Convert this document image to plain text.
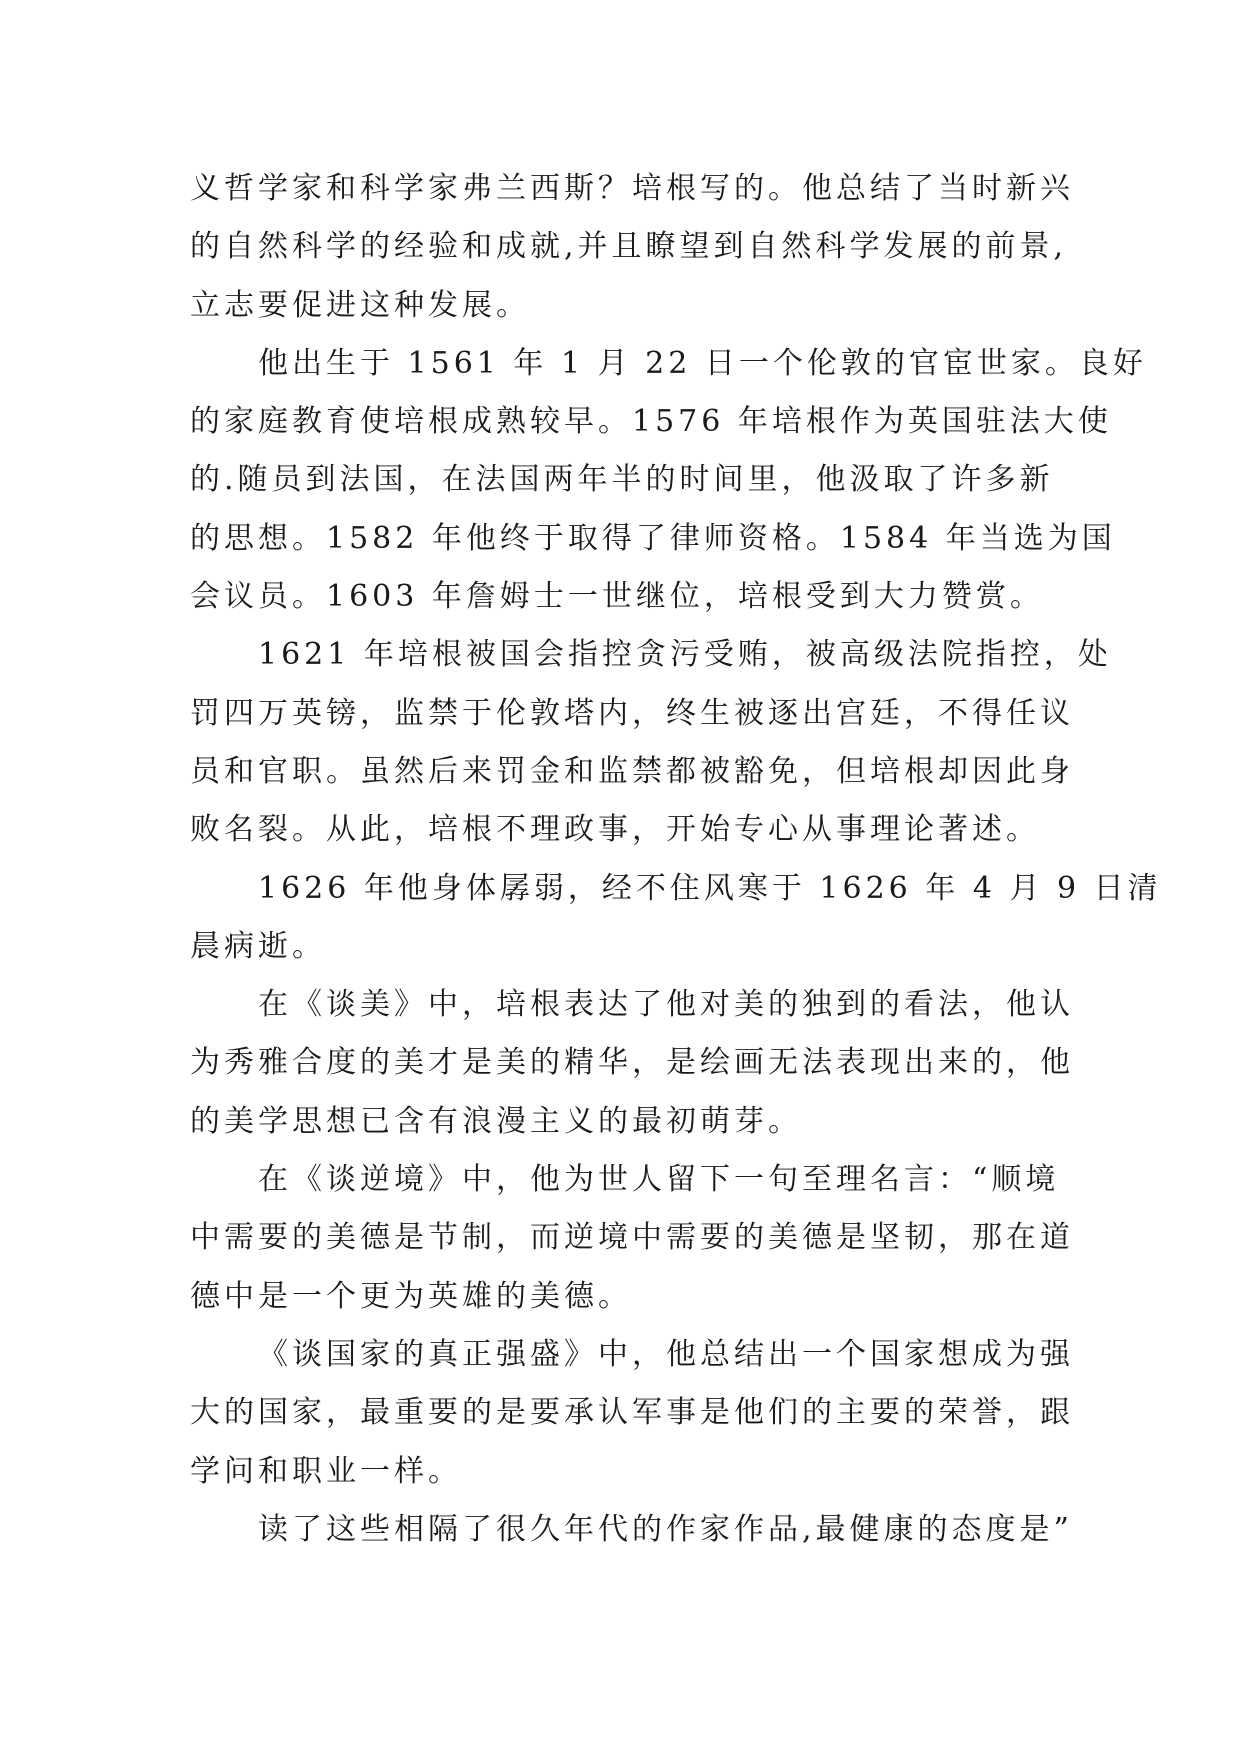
义哲学家和科学家弗兰西斯？培根写的。他总结了当时新兴
的自然科学的经验和成就,并且瞭望到自然科学发展的前景,
立志要促进这种发展。
他出生于 1561 年 1 月 22 日一个伦敦的官宦世家。良好
的家庭教育使培根成熟较早。1576 年培根作为英国驻法大使
的.随员到法国，在法国两年半的时间里，他汲取了许多新
的思想。1582 年他终于取得了律师资格。1584 年当选为国
会议员。1603 年詹姆士一世继位，培根受到大力赞赏。
1621 年培根被国会指控贪污受贿，被高级法院指控，处
罚四万英镑，监禁于伦敦塔内，终生被逐出宫廷，不得任议
员和官职。虽然后来罚金和监禁都被豁免，但培根却因此身
败名裂。从此，培根不理政事，开始专心从事理论著述。
1626 年他身体孱弱，经不住风寒于 1626 年 4 月 9 日清
晨病逝。
在《谈美》中，培根表达了他对美的独到的看法，他认
为秀雅合度的美才是美的精华，是绘画无法表现出来的，他
的美学思想已含有浪漫主义的最初萌芽。
在《谈逆境》中，他为世人留下一句至理名言：“顺境
中需要的美德是节制，而逆境中需要的美德是坚韧，那在道
德中是一个更为英雄的美德。
《谈国家的真正强盛》中，他总结出一个国家想成为强
大的国家，最重要的是要承认军事是他们的主要的荣誉，跟
学问和职业一样。
读了这些相隔了很久年代的作家作品,最健康的态度是”
